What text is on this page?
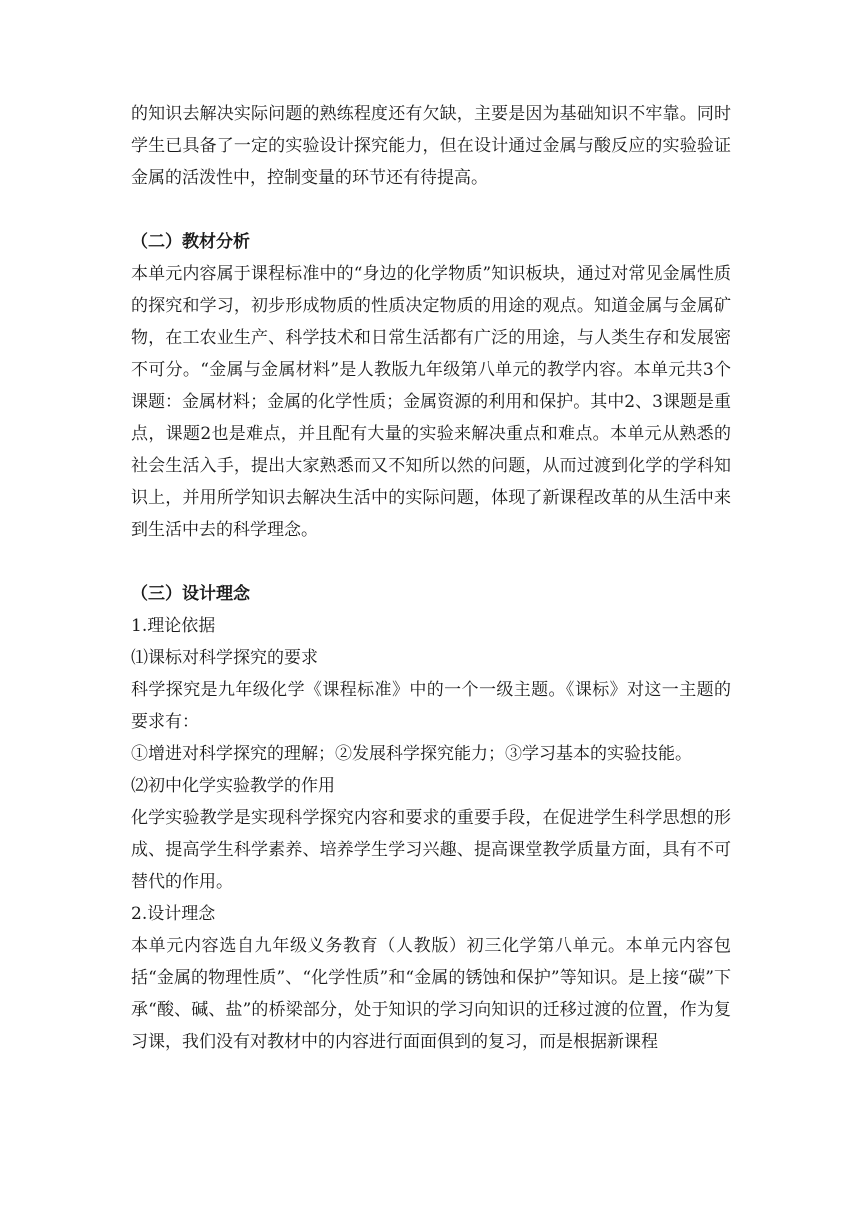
的知识去解决实际问题的熟练程度还有欠缺，主要是因为基础知识不牢靠。同时学生已具备了一定的实验设计探究能力，但在设计通过金属与酸反应的实验验证金属的活泼性中，控制变量的环节还有待提高。

（二）教材分析

本单元内容属于课程标准中的“身边的化学物质”知识板块，通过对常见金属性质的探究和学习，初步形成物质的性质决定物质的用途的观点。知道金属与金属矿物，在工农业生产、科学技术和日常生活都有广泛的用途，与人类生存和发展密不可分。“金属与金属材料”是人教版九年级第八单元的教学内容。本单元共3个课题：金属材料；金属的化学性质；金属资源的利用和保护。其中2、3课题是重点，课题2也是难点，并且配有大量的实验来解决重点和难点。本单元从熟悉的社会生活入手，提出大家熟悉而又不知所以然的问题，从而过渡到化学的学科知识上，并用所学知识去解决生活中的实际问题，体现了新课程改革的从生活中来到生活中去的科学理念。

（三）设计理念

1.理论依据

⑴课标对科学探究的要求

科学探究是九年级化学《课程标准》中的一个一级主题。《课标》对这一主题的要求有：

①增进对科学探究的理解；②发展科学探究能力；③学习基本的实验技能。

⑵初中化学实验教学的作用

化学实验教学是实现科学探究内容和要求的重要手段，在促进学生科学思想的形成、提高学生科学素养、培养学生学习兴趣、提高课堂教学质量方面，具有不可替代的作用。

2.设计理念

本单元内容选自九年级义务教育（人教版）初三化学第八单元。本单元内容包括“金属的物理性质”、“化学性质”和“金属的锈蚀和保护”等知识。是上接“碳”下承“酸、碱、盐”的桥梁部分，处于知识的学习向知识的迁移过渡的位置，作为复习课，我们没有对教材中的内容进行面面俱到的复习，而是根据新课程
